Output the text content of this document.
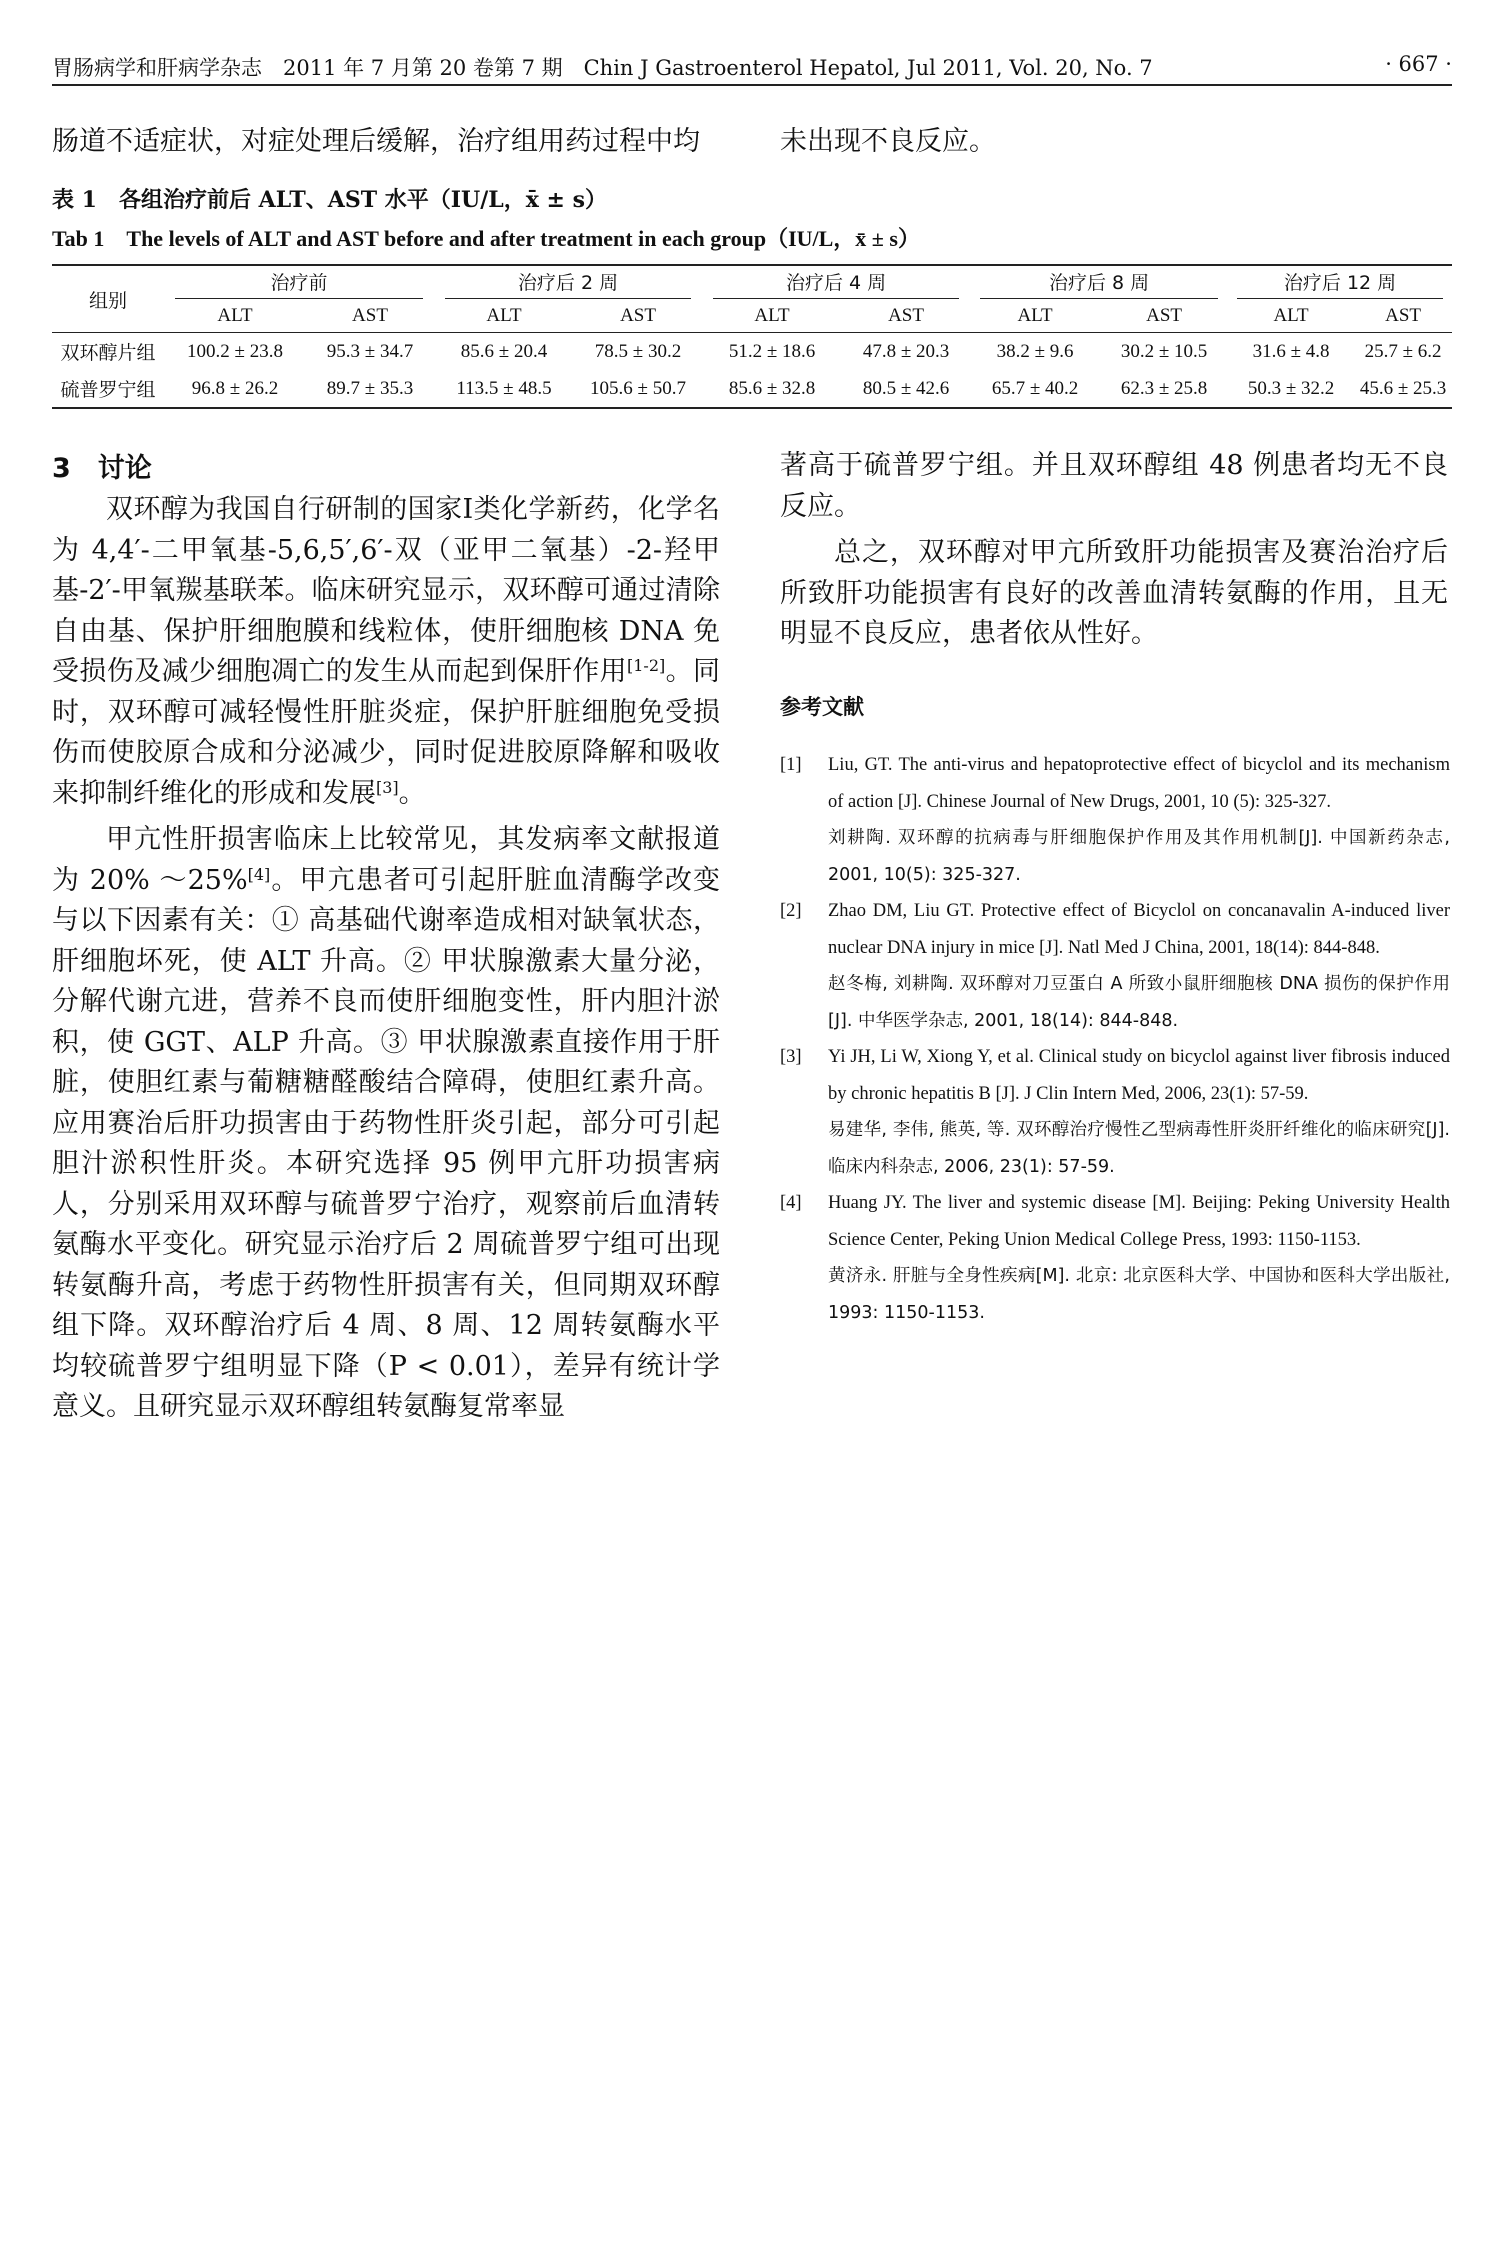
胃肠病学和肝病学杂志　2011 年 7 月第 20 卷第 7 期　Chin J Gastroenterol Hepatol, Jul 2011, Vol. 20, No. 7	· 667 ·
肠道不适症状，对症处理后缓解，治疗组用药过程中均	未出现不良反应。
表 1 各组治疗前后 ALT、AST 水平（IU/L，x̄ ± s）
Tab 1 The levels of ALT and AST before and after treatment in each group（IU/L，x̄ ± s）
组别	治疗前		治疗后 2 周		治疗后 4 周		治疗后 8 周		治疗后 12 周	
	ALT	AST	ALT	AST	ALT	AST	ALT	AST	ALT	AST
双环醇片组	100.2 ± 23.8	95.3 ± 34.7	85.6 ± 20.4	78.5 ± 30.2	51.2 ± 18.6	47.8 ± 20.3	38.2 ± 9.6	30.2 ± 10.5	31.6 ± 4.8	25.7 ± 6.2
硫普罗宁组	96.8 ± 26.2	89.7 ± 35.3	113.5 ± 48.5	105.6 ± 50.7	85.6 ± 32.8	80.5 ± 42.6	65.7 ± 40.2	62.3 ± 25.8	50.3 ± 32.2	45.6 ± 25.3
3　讨论

双环醇为我国自行研制的国家Ⅰ类化学新药，化学名为 4,4′-二甲氧基-5,6,5′,6′-双（亚甲二氧基）-2-羟甲基-2′-甲氧羰基联苯。临床研究显示，双环醇可通过清除自由基、保护肝细胞膜和线粒体，使肝细胞核 DNA 免受损伤及减少细胞凋亡的发生从而起到保肝作用[1-2]。同时，双环醇可减轻慢性肝脏炎症，保护肝脏细胞免受损伤而使胶原合成和分泌减少，同时促进胶原降解和吸收来抑制纤维化的形成和发展[3]。

甲亢性肝损害临床上比较常见，其发病率文献报道为 20% ～25%[4]。甲亢患者可引起肝脏血清酶学改变与以下因素有关：① 高基础代谢率造成相对缺氧状态，肝细胞坏死，使 ALT 升高。② 甲状腺激素大量分泌，分解代谢亢进，营养不良而使肝细胞变性，肝内胆汁淤积，使 GGT、ALP 升高。③ 甲状腺激素直接作用于肝脏，使胆红素与葡糖糖醛酸结合障碍，使胆红素升高。应用赛治后肝功损害由于药物性肝炎引起，部分可引起胆汁淤积性肝炎。本研究选择 95 例甲亢肝功损害病人，分别采用双环醇与硫普罗宁治疗，观察前后血清转氨酶水平变化。研究显示治疗后 2 周硫普罗宁组可出现转氨酶升高，考虑于药物性肝损害有关，但同期双环醇组下降。双环醇治疗后 4 周、8 周、12 周转氨酶水平均较硫普罗宁组明显下降（P < 0.01），差异有统计学意义。且研究显示双环醇组转氨酶复常率显

著高于硫普罗宁组。并且双环醇组 48 例患者均无不良反应。

总之，双环醇对甲亢所致肝功能损害及赛治治疗后所致肝功能损害有良好的改善血清转氨酶的作用，且无明显不良反应，患者依从性好。

参考文献
[1] Liu, GT. The anti-virus and hepatoprotective effect of bicyclol and its mechanism of action [J]. Chinese Journal of New Drugs, 2001, 10 (5): 325-327.
刘耕陶. 双环醇的抗病毒与肝细胞保护作用及其作用机制[J]. 中国新药杂志, 2001, 10(5): 325-327.
[2] Zhao DM, Liu GT. Protective effect of Bicyclol on concanavalin A-induced liver nuclear DNA injury in mice [J]. Natl Med J China, 2001, 18(14): 844-848.
赵冬梅, 刘耕陶. 双环醇对刀豆蛋白 A 所致小鼠肝细胞核 DNA 损伤的保护作用[J]. 中华医学杂志, 2001, 18(14): 844-848.
[3] Yi JH, Li W, Xiong Y, et al. Clinical study on bicyclol against liver fibrosis induced by chronic hepatitis B [J]. J Clin Intern Med, 2006, 23(1): 57-59.
易建华, 李伟, 熊英, 等. 双环醇治疗慢性乙型病毒性肝炎肝纤维化的临床研究[J]. 临床内科杂志, 2006, 23(1): 57-59.
[4] Huang JY. The liver and systemic disease [M]. Beijing: Peking University Health Science Center, Peking Union Medical College Press, 1993: 1150-1153.
黄济永. 肝脏与全身性疾病[M]. 北京: 北京医科大学、中国协和医科大学出版社, 1993: 1150-1153.
